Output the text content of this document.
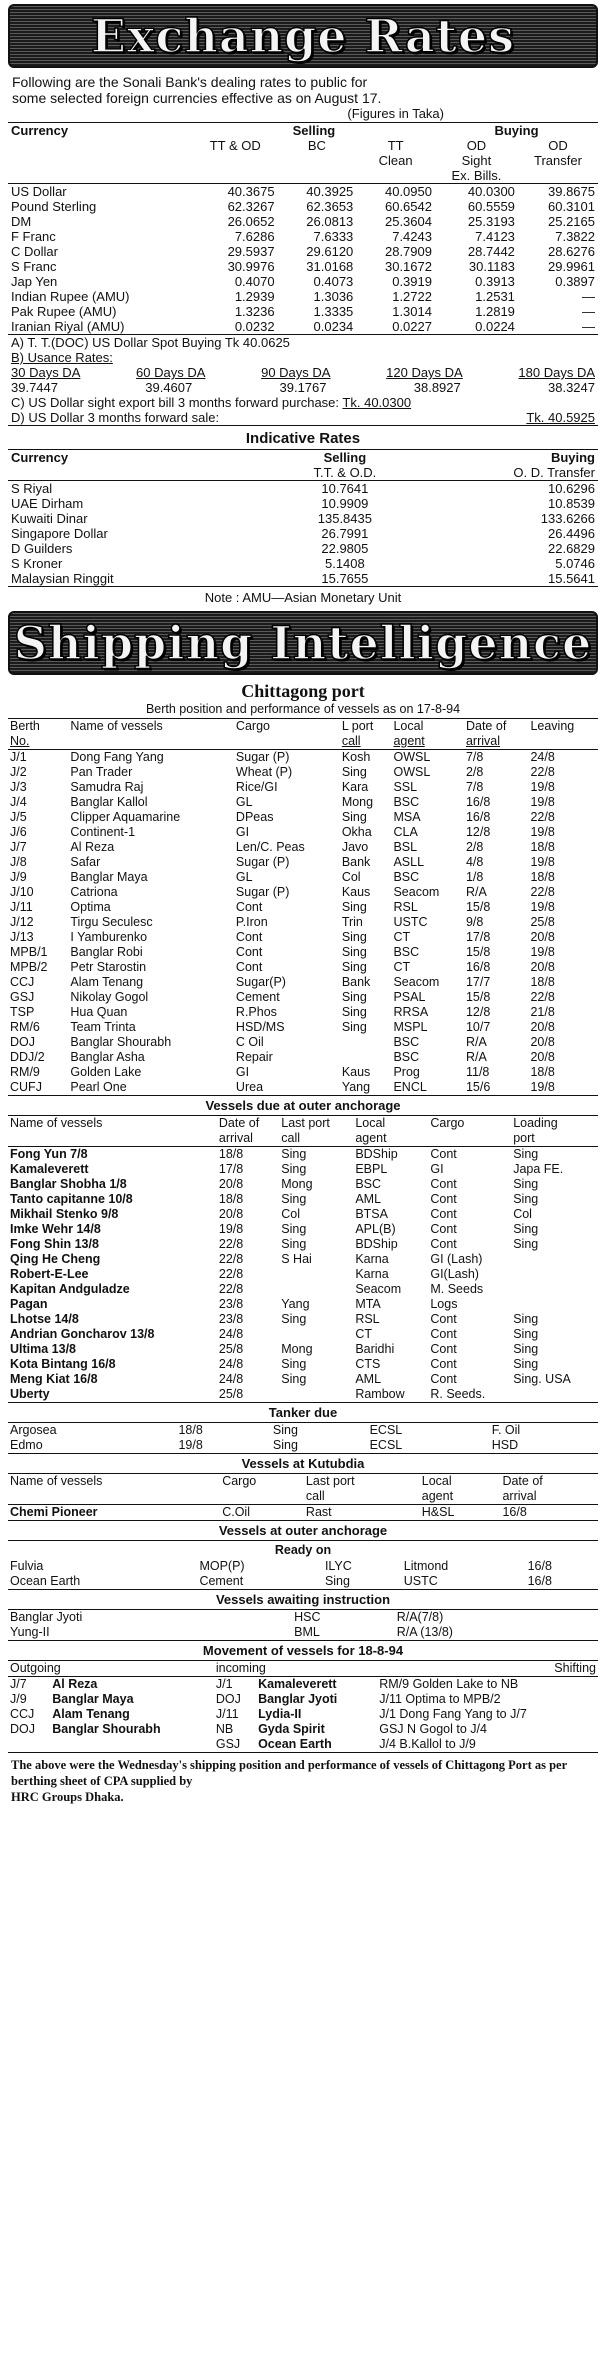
Exchange Rates
Following are the Sonali Bank's dealing rates to public for
some selected foreign currencies effective as on August 17.
(Figures in Taka)
Currency	Selling			Buying	
	TT & OD	BC	TT	OD	OD
			Clean	Sight	Transfer
				Ex. Bills.	
US Dollar	40.3675	40.3925	40.0950	40.0300	39.8675
Pound Sterling	62.3267	62.3653	60.6542	60.5559	60.3101
DM	26.0652	26.0813	25.3604	25.3193	25.2165
F Franc	7.6286	7.6333	7.4243	7.4123	7.3822
C Dollar	29.5937	29.6120	28.7909	28.7442	28.6276
S Franc	30.9976	31.0168	30.1672	30.1183	29.9961
Jap Yen	0.4070	0.4073	0.3919	0.3913	0.3897
Indian Rupee (AMU)	1.2939	1.3036	1.2722	1.2531	—
Pak Rupee (AMU)	1.3236	1.3335	1.3014	1.2819	—
Iranian Riyal (AMU)	0.0232	0.0234	0.0227	0.0224	—
A) T. T.(DOC) US Dollar Spot Buying Tk 40.0625
B) Usance Rates:
30 Days DA	60 Days DA	90 Days DA	120 Days DA	180 Days DA
39.7447	39.4607	39.1767	38.8927	38.3247
C) US Dollar sight export bill 3 months forward purchase: Tk. 40.0300
D) US Dollar 3 months forward sale:	Tk. 40.5925
Indicative Rates
Currency	Selling	Buying
	T.T. & O.D.	O. D. Transfer
S Riyal	10.7641	10.6296
UAE Dirham	10.9909	10.8539
Kuwaiti Dinar	135.8435	133.6266
Singapore Dollar	26.7991	26.4496
D Guilders	22.9805	22.6829
S Kroner	5.1408	5.0746
Malaysian Ringgit	15.7655	15.5641
Note : AMU—Asian Monetary Unit
Shipping Intelligence
Chittagong port
Berth position and performance of vessels as on 17-8-94
Berth	Name of vessels	Cargo	L port	Local	Date of	Leaving
No.			call	agent	arrival	
J/1	Dong Fang Yang	Sugar (P)	Kosh	OWSL	7/8	24/8
J/2	Pan Trader	Wheat (P)	Sing	OWSL	2/8	22/8
J/3	Samudra Raj	Rice/GI	Kara	SSL	7/8	19/8
J/4	Banglar Kallol	GL	Mong	BSC	16/8	19/8
J/5	Clipper Aquamarine	DPeas	Sing	MSA	16/8	22/8
J/6	Continent-1	GI	Okha	CLA	12/8	19/8
J/7	Al Reza	Len/C. Peas	Javo	BSL	2/8	18/8
J/8	Safar	Sugar (P)	Bank	ASLL	4/8	19/8
J/9	Banglar Maya	GL	Col	BSC	1/8	18/8
J/10	Catriona	Sugar (P)	Kaus	Seacom	R/A	22/8
J/11	Optima	Cont	Sing	RSL	15/8	19/8
J/12	Tirgu Seculesc	P.Iron	Trin	USTC	9/8	25/8
J/13	I Yamburenko	Cont	Sing	CT	17/8	20/8
MPB/1	Banglar Robi	Cont	Sing	BSC	15/8	19/8
MPB/2	Petr Starostin	Cont	Sing	CT	16/8	20/8
CCJ	Alam Tenang	Sugar(P)	Bank	Seacom	17/7	18/8
GSJ	Nikolay Gogol	Cement	Sing	PSAL	15/8	22/8
TSP	Hua Quan	R.Phos	Sing	RRSA	12/8	21/8
RM/6	Team Trinta	HSD/MS	Sing	MSPL	10/7	20/8
DOJ	Banglar Shourabh	C Oil		BSC	R/A	20/8
DDJ/2	Banglar Asha	Repair		BSC	R/A	20/8
RM/9	Golden Lake	GI	Kaus	Prog	11/8	18/8
CUFJ	Pearl One	Urea	Yang	ENCL	15/6	19/8
Vessels due at outer anchorage
Name of vessels	Date of	Last port	Local	Cargo	Loading
	arrival	call	agent		port
Fong Yun 7/8	18/8	Sing	BDShip	Cont	Sing
Kamaleverett	17/8	Sing	EBPL	GI	Japa FE.
Banglar Shobha 1/8	20/8	Mong	BSC	Cont	Sing
Tanto capitanne 10/8	18/8	Sing	AML	Cont	Sing
Mikhail Stenko 9/8	20/8	Col	BTSA	Cont	Col
Imke Wehr 14/8	19/8	Sing	APL(B)	Cont	Sing
Fong Shin 13/8	22/8	Sing	BDShip	Cont	Sing
Qing He Cheng	22/8	S Hai	Karna	GI (Lash)	
Robert-E-Lee	22/8		Karna	GI(Lash)	
Kapitan Andguladze	22/8		Seacom	M. Seeds	
Pagan	23/8	Yang	MTA	Logs	
Lhotse 14/8	23/8	Sing	RSL	Cont	Sing
Andrian Goncharov 13/8	24/8		CT	Cont	Sing
Ultima 13/8	25/8	Mong	Baridhi	Cont	Sing
Kota Bintang 16/8	24/8	Sing	CTS	Cont	Sing
Meng Kiat 16/8	24/8	Sing	AML	Cont	Sing. USA
Uberty	25/8		Rambow	R. Seeds.	
Tanker due
Argosea	18/8	Sing	ECSL	F. Oil
Edmo	19/8	Sing	ECSL	HSD
Vessels at Kutubdia
Name of vessels	Cargo	Last port	Local	Date of
		call	agent	arrival
Chemi Pioneer	C.Oil	Rast	H&SL	16/8
Vessels at outer anchorage
Ready on
Fulvia	MOP(P)	ILYC	Litmond	16/8
Ocean Earth	Cement	Sing	USTC	16/8
Vessels awaiting instruction
Banglar Jyoti			HSC	R/A(7/8)
Yung-II			BML	R/A (13/8)
Movement of vessels for 18-8-94
Outgoing		incoming		Shifting
J/7	Al Reza	J/1	Kamaleverett	RM/9 Golden Lake to NB
J/9	Banglar Maya	DOJ	Banglar Jyoti	J/11 Optima to MPB/2
CCJ	Alam Tenang	J/11	Lydia-II	J/1 Dong Fang Yang to J/7
DOJ	Banglar Shourabh	NB	Gyda Spirit	GSJ N Gogol to J/4
		GSJ	Ocean Earth	J/4 B.Kallol to J/9
The above were the Wednesday's shipping position and performance of vessels of Chittagong Port as per berthing sheet of CPA supplied by
HRC Groups Dhaka.
